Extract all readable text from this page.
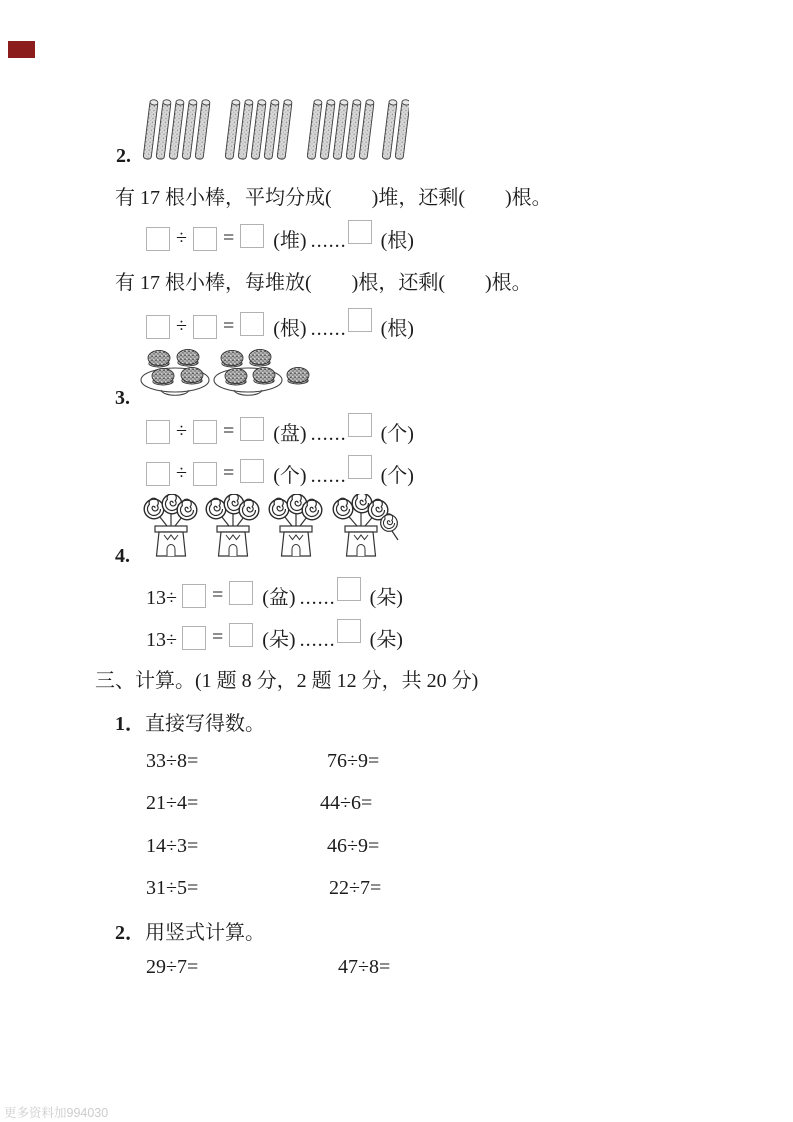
2.
有 17 根小棒，平均分成(　　)堆，还剩(　　)根。
÷ = (堆) ...... (根)
有 17 根小棒，每堆放(　　)根，还剩(　　)根。
÷ = (根) ...... (根)
3.
÷ = (盘) ...... (个)
÷ = (个) ...... (个)
4.
13÷ = (盆) ...... (朵)
13÷ = (朵) ...... (朵)
三、计算。(1 题 8 分，2 题 12 分，共 20 分)
1．直接写得数。
33÷8=	76÷9=
21÷4=	44÷6=
14÷3=	46÷9=
31÷5=	22÷7=
2．用竖式计算。
29÷7=	47÷8=
更多资料加994030
